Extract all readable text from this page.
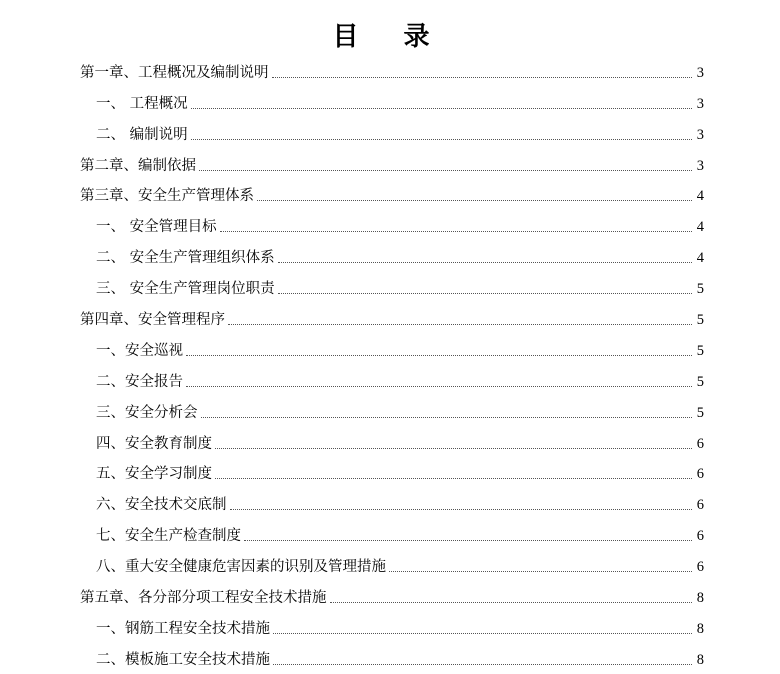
目 录
第一章、工程概况及编制说明	3
一、 工程概况	3
二、 编制说明	3
第二章、编制依据	3
第三章、安全生产管理体系	4
一、 安全管理目标	4
二、 安全生产管理组织体系	4
三、 安全生产管理岗位职责	5
第四章、安全管理程序	5
一、安全巡视	5
二、安全报告	5
三、安全分析会	5
四、安全教育制度	6
五、安全学习制度	6
六、安全技术交底制	6
七、安全生产检查制度	6
八、重大安全健康危害因素的识别及管理措施	6
第五章、各分部分项工程安全技术措施	8
一、钢筋工程安全技术措施	8
二、模板施工安全技术措施	8
